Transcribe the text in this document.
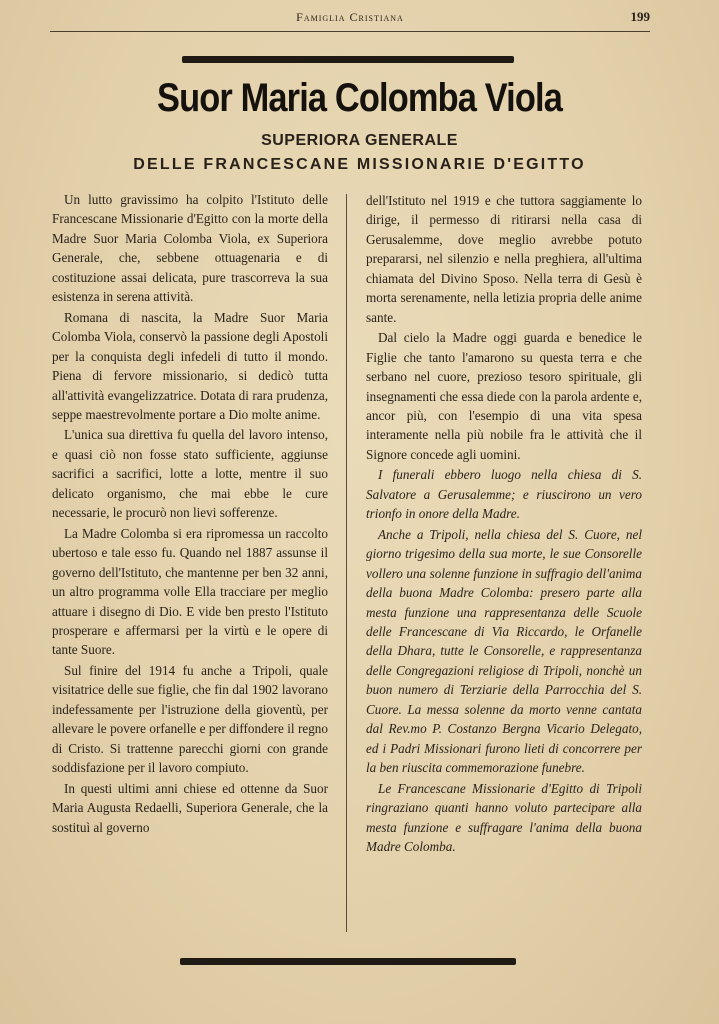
Famiglia Cristiana	199
Suor Maria Colomba Viola
SUPERIORA GENERALE
DELLE FRANCESCANE MISSIONARIE D'EGITTO

Un lutto gravissimo ha colpito l'Istituto delle Francescane Missionarie d'Egitto con la morte della Madre Suor Maria Colomba Viola, ex Superiora Generale, che, sebbene ottuagenaria e di costituzione assai delicata, pure trascorreva la sua esistenza in serena attività.

Romana di nascita, la Madre Suor Maria Colomba Viola, conservò la passione degli Apostoli per la conquista degli infedeli di tutto il mondo. Piena di fervore missionario, si dedicò tutta all'attività evangelizzatrice. Dotata di rara prudenza, seppe maestrevolmente portare a Dio molte anime.

L'unica sua direttiva fu quella del lavoro intenso, e quasi ciò non fosse stato sufficiente, aggiunse sacrifici a sacrifici, lotte a lotte, mentre il suo delicato organismo, che mai ebbe le cure necessarie, le procurò non lievi sofferenze.

La Madre Colomba si era ripromessa un raccolto ubertoso e tale esso fu. Quando nel 1887 assunse il governo dell'Istituto, che mantenne per ben 32 anni, un altro programma volle Ella tracciare per meglio attuare i disegno di Dio. E vide ben presto l'Istituto prosperare e affermarsi per la virtù e le opere di tante Suore.

Sul finire del 1914 fu anche a Tripoli, quale visitatrice delle sue figlie, che fin dal 1902 lavorano indefessamente per l'istruzione della gioventù, per allevare le povere orfanelle e per diffondere il regno di Cristo. Si trattenne parecchi giorni con grande soddisfazione per il lavoro compiuto.

In questi ultimi anni chiese ed ottenne da Suor Maria Augusta Redaelli, Superiora Generale, che la sostituì al governo

dell'Istituto nel 1919 e che tuttora saggiamente lo dirige, il permesso di ritirarsi nella casa di Gerusalemme, dove meglio avrebbe potuto prepararsi, nel silenzio e nella preghiera, all'ultima chiamata del Divino Sposo. Nella terra di Gesù è morta serenamente, nella letizia propria delle anime sante.

Dal cielo la Madre oggi guarda e benedice le Figlie che tanto l'amarono su questa terra e che serbano nel cuore, prezioso tesoro spirituale, gli insegnamenti che essa diede con la parola ardente e, ancor più, con l'esempio di una vita spesa interamente nella più nobile fra le attività che il Signore concede agli uomini.

I funerali ebbero luogo nella chiesa di S. Salvatore a Gerusalemme; e riuscirono un vero trionfo in onore della Madre.

Anche a Tripoli, nella chiesa del S. Cuore, nel giorno trigesimo della sua morte, le sue Consorelle vollero una solenne funzione in suffragio dell'anima della buona Madre Colomba: presero parte alla mesta funzione una rappresentanza delle Scuole delle Francescane di Via Riccardo, le Orfanelle della Dhara, tutte le Consorelle, e rappresentanza delle Congregazioni religiose di Tripoli, nonchè un buon numero di Terziarie della Parrocchia del S. Cuore. La messa solenne da morto venne cantata dal Rev.mo P. Costanzo Bergna Vicario Delegato, ed i Padri Missionari furono lieti di concorrere per la ben riuscita commemorazione funebre.

Le Francescane Missionarie d'Egitto di Tripoli ringraziano quanti hanno voluto partecipare alla mesta funzione e suffragare l'anima della buona Madre Colomba.
